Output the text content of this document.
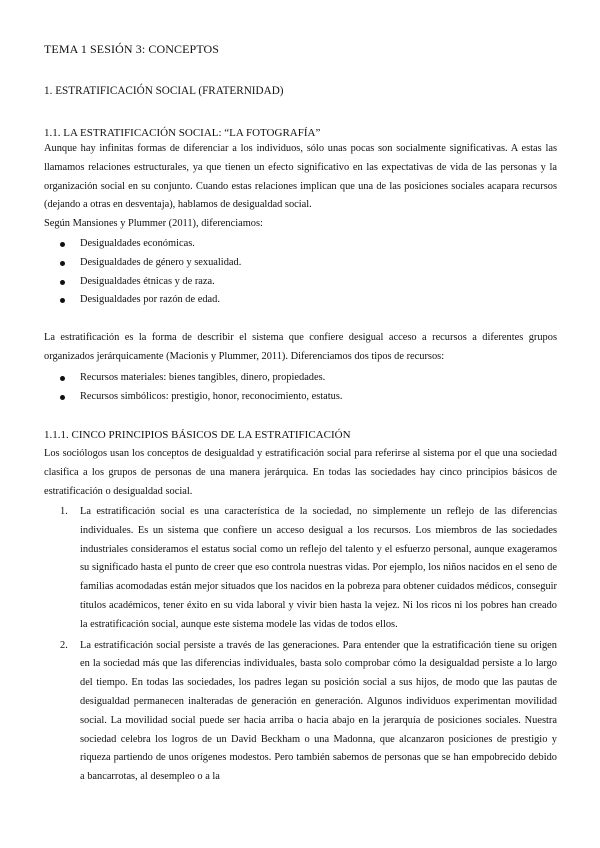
TEMA 1 SESIÓN 3: CONCEPTOS
1. ESTRATIFICACIÓN SOCIAL (FRATERNIDAD)
1.1. LA ESTRATIFICACIÓN SOCIAL: “LA FOTOGRAFÍA”

Aunque hay infinitas formas de diferenciar a los individuos, sólo unas pocas son socialmente significativas. A estas las llamamos relaciones estructurales, ya que tienen un efecto significativo en las expectativas de vida de las personas y la organización social en su conjunto. Cuando estas relaciones implican que una de las posiciones sociales acapara recursos (dejando a otras en desventaja), hablamos de desigualdad social.

Según Mansiones y Plummer (2011), diferenciamos:

Desigualdades económicas.
Desigualdades de género y sexualidad.
Desigualdades étnicas y de raza.
Desigualdades por razón de edad.

La estratificación es la forma de describir el sistema que confiere desigual acceso a recursos a diferentes grupos organizados jerárquicamente (Macionis y Plummer, 2011). Diferenciamos dos tipos de recursos:

Recursos materiales: bienes tangibles, dinero, propiedades.
Recursos simbólicos: prestigio, honor, reconocimiento, estatus.
1.1.1. CINCO PRINCIPIOS BÁSICOS DE LA ESTRATIFICACIÓN

Los sociólogos usan los conceptos de desigualdad y estratificación social para referirse al sistema por el que una sociedad clasifica a los grupos de personas de una manera jerárquica. En todas las sociedades hay cinco principios básicos de estratificación o desigualdad social.

1. La estratificación social es una característica de la sociedad, no simplemente un reflejo de las diferencias individuales. Es un sistema que confiere un acceso desigual a los recursos. Los miembros de las sociedades industriales consideramos el estatus social como un reflejo del talento y el esfuerzo personal, aunque exageramos su significado hasta el punto de creer que eso controla nuestras vidas. Por ejemplo, los niños nacidos en el seno de familias acomodadas están mejor situados que los nacidos en la pobreza para obtener cuidados médicos, conseguir títulos académicos, tener éxito en su vida laboral y vivir bien hasta la vejez. Ni los ricos ni los pobres han creado la estratificación social, aunque este sistema modele las vidas de todos ellos.
2. La estratificación social persiste a través de las generaciones. Para entender que la estratificación tiene su origen en la sociedad más que las diferencias individuales, basta solo comprobar cómo la desigualdad persiste a lo largo del tiempo. En todas las sociedades, los padres legan su posición social a sus hijos, de modo que las pautas de desigualdad permanecen inalteradas de generación en generación. Algunos individuos experimentan movilidad social. La movilidad social puede ser hacia arriba o hacia abajo en la jerarquía de posiciones sociales. Nuestra sociedad celebra los logros de un David Beckham o una Madonna, que alcanzaron posiciones de prestigio y riqueza partiendo de unos orígenes modestos. Pero también sabemos de personas que se han empobrecido debido a bancarrotas, al desempleo o a la
